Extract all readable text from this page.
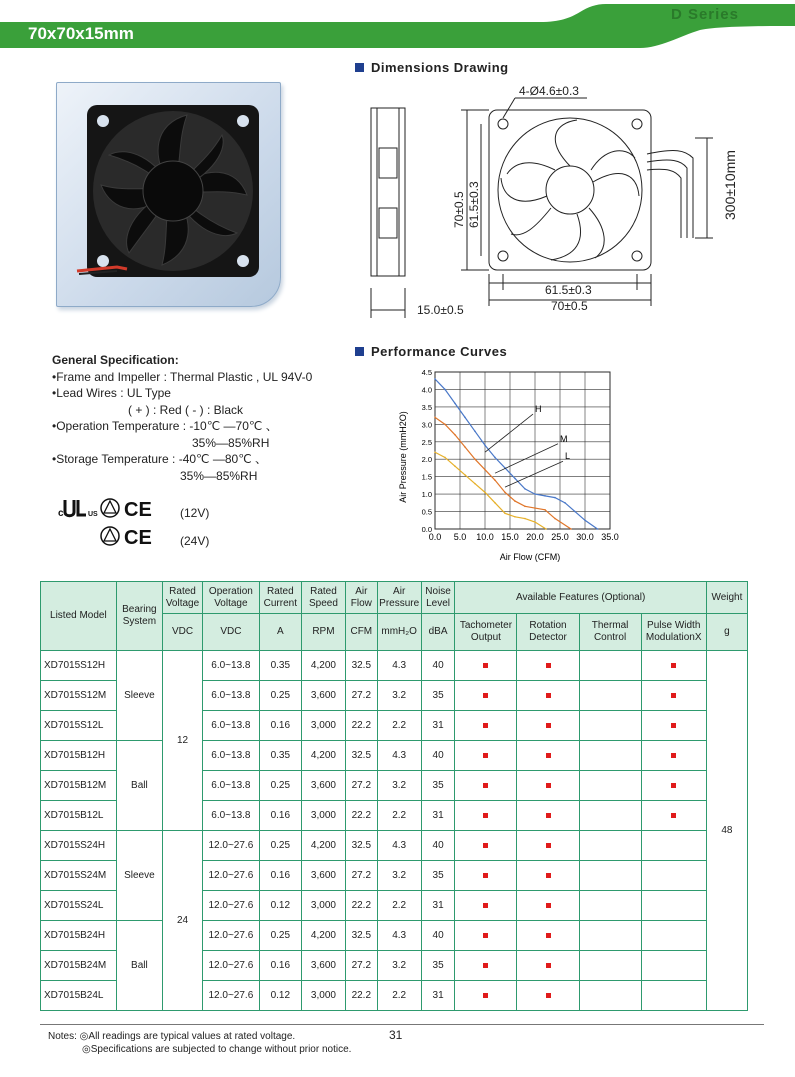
D Series
70x70x15mm
Dimensions Drawing
4-Ø4.6±0.3
70±0.5 61.5±0.3
61.5±0.3
70±0.5
15.0±0.5
300±10mm
General Specification:
•Frame and Impeller : Thermal Plastic , UL 94V-0
•Lead Wires : UL Type
( + ) : Red ( - ) : Black
•Operation Temperature : -10℃ —70℃ 、
35%—85%RH
•Storage Temperature : -40℃ —80℃ 、
35%—85%RH
c	US CE
CE
(12V)
(24V)
Performance Curves
H
M
L
0.0 5.0 10.0 15.0 20.0 25.0 30.0 35.0
0.0
0.5
1.0
1.5
2.0
2.5
3.0
3.5
4.0
4.5
Air Flow (CFM)
Air Pressure (mmH2O)
Listed Model	Bearing System	Rated Voltage	Operation Voltage	Rated Current	Rated Speed	Air Flow	Air Pressure	Noise Level	Available Features (Optional)				Weight
		VDC	VDC	A	RPM	CFM	mmH₂O	dBA	Tachometer Output	Rotation Detector	Thermal Control	Pulse Width ModulationX	g
XD7015S12H	Sleeve	12	6.0~13.8	0.35	4,200	32.5	4.3	40					48
XD7015S12M			6.0~13.8	0.25	3,600	27.2	3.2	35					
XD7015S12L			6.0~13.8	0.16	3,000	22.2	2.2	31					
XD7015B12H	Ball		6.0~13.8	0.35	4,200	32.5	4.3	40					
XD7015B12M			6.0~13.8	0.25	3,600	27.2	3.2	35					
XD7015B12L			6.0~13.8	0.16	3,000	22.2	2.2	31					
XD7015S24H	Sleeve	24	12.0~27.6	0.25	4,200	32.5	4.3	40					
XD7015S24M			12.0~27.6	0.16	3,600	27.2	3.2	35					
XD7015S24L			12.0~27.6	0.12	3,000	22.2	2.2	31					
XD7015B24H	Ball		12.0~27.6	0.25	4,200	32.5	4.3	40					
XD7015B24M			12.0~27.6	0.16	3,600	27.2	3.2	35					
XD7015B24L			12.0~27.6	0.12	3,000	22.2	2.2	31					
Notes: ◎All readings are typical values at rated voltage.
◎Specifications are subjected to change without prior notice.
31
